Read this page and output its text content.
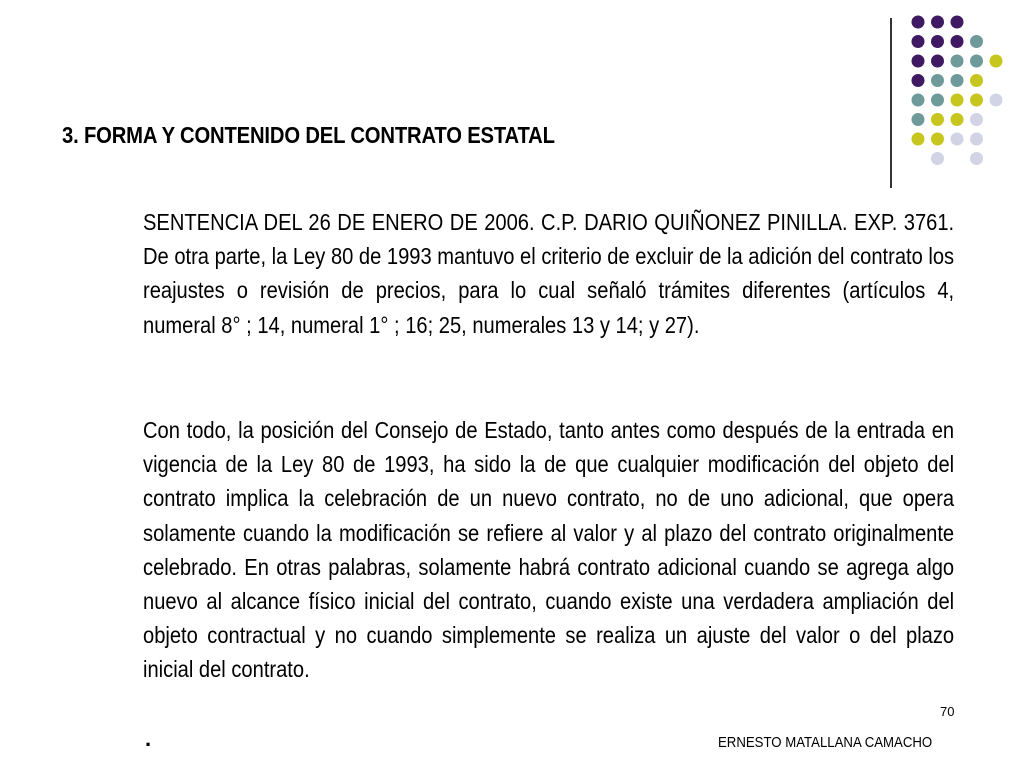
3. FORMA Y CONTENIDO DEL CONTRATO ESTATAL
SENTENCIA DEL 26 DE ENERO DE 2006. C.P. DARIO QUIÑONEZ PINILLA. EXP. 3761. De otra parte, la Ley 80 de 1993 mantuvo el criterio de excluir de la adición del contrato los reajustes o revisión de precios, para lo cual señaló trámites diferentes (artículos 4, numeral 8° ; 14, numeral 1° ; 16; 25, numerales 13 y 14; y 27).
Con todo, la posición del Consejo de Estado, tanto antes como después de la entrada en vigencia de la Ley 80 de 1993, ha sido la de que cualquier modificación del objeto del contrato implica la celebración de un nuevo contrato, no de uno adicional, que opera solamente cuando la modificación se refiere al valor y al plazo del contrato originalmente celebrado. En otras palabras, solamente habrá contrato adicional cuando se agrega algo nuevo al alcance físico inicial del contrato, cuando existe una verdadera ampliación del objeto contractual y no cuando simplemente se realiza un ajuste del valor o del plazo inicial del contrato.
70
.	ERNESTO MATALLANA CAMACHO
